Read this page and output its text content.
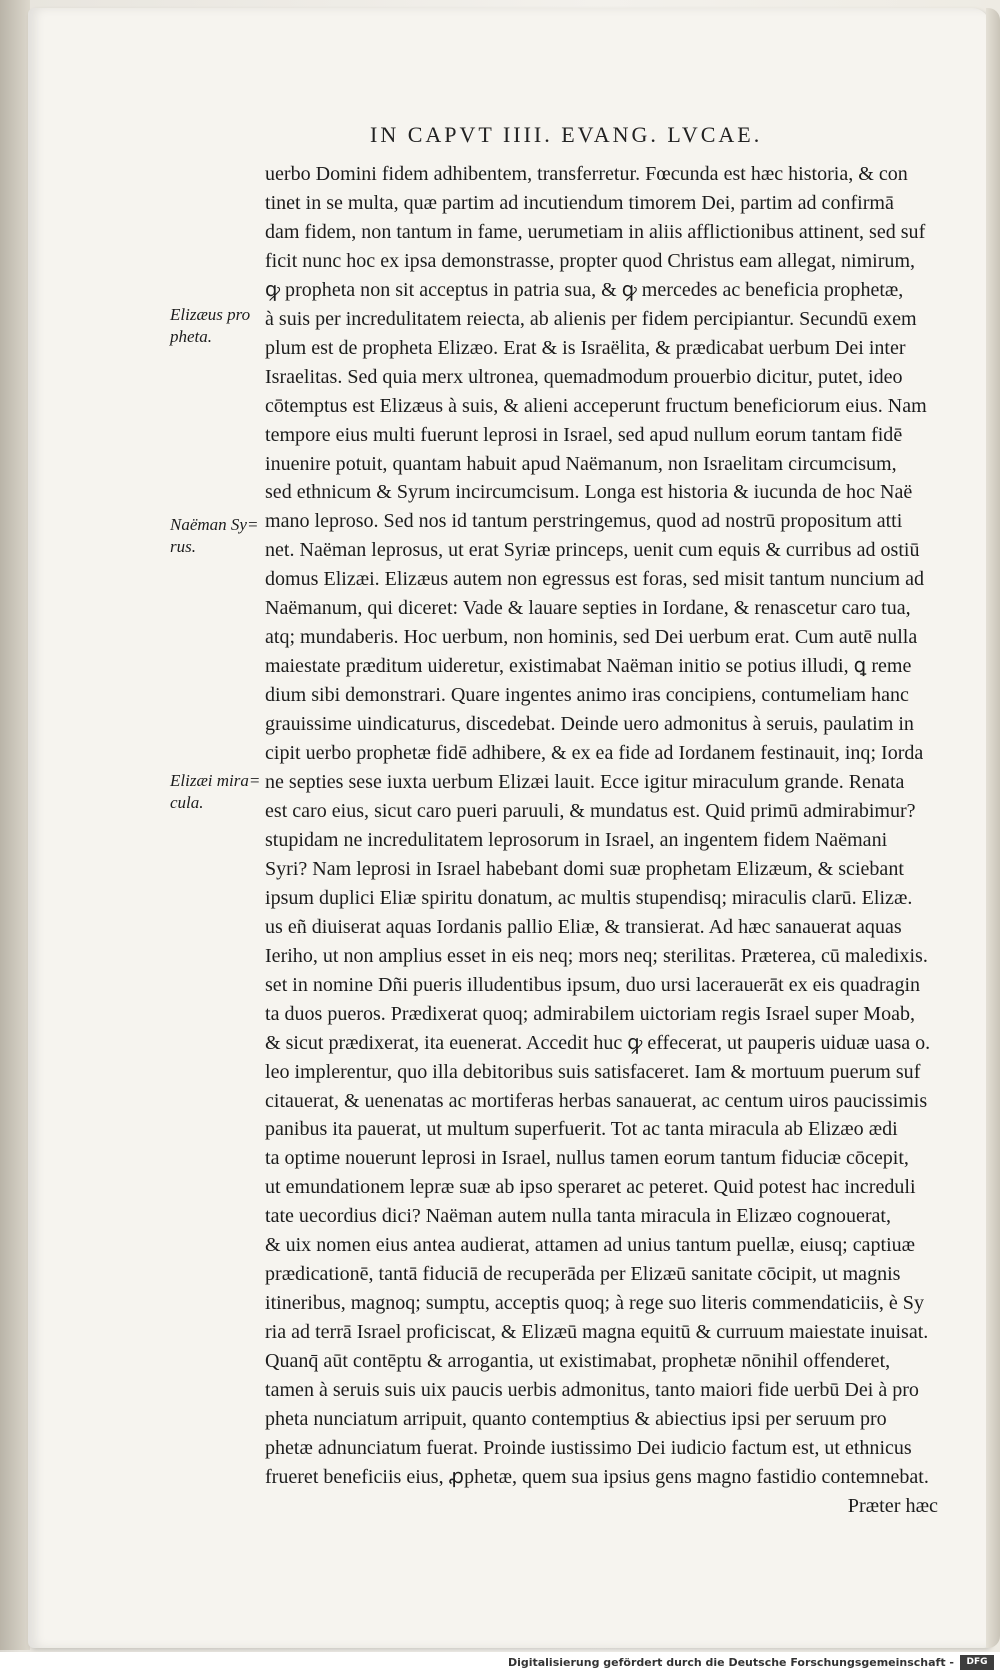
IN CAPVT IIII. EVANG. LVCAE.
Elizæus pro
pheta.
Naëman Sy=
rus.
Elizæi mira=
cula.
uerbo Domini fidem adhibentem, transferretur. Fœcunda est hæc historia, & con
tinet in se multa, quæ partim ad incutiendum timorem Dei, partim ad confirmā
dam fidem, non tantum in fame, uerumetiam in aliis afflictionibus attinent, sed suf
ficit nunc hoc ex ipsa demonstrasse, propter quod Christus eam allegat, nimirum,
ꝙ propheta non sit acceptus in patria sua, & ꝙ mercedes ac beneficia prophetæ,
à suis per incredulitatem reiecta, ab alienis per fidem percipiantur. Secundū exem
plum est de propheta Elizæo. Erat & is Israëlita, & prædicabat uerbum Dei inter
Israelitas. Sed quia merx ultronea, quemadmodum prouerbio dicitur, putet, ideo
cōtemptus est Elizæus à suis, & alieni acceperunt fructum beneficiorum eius. Nam
tempore eius multi fuerunt leprosi in Israel, sed apud nullum eorum tantam fidē
inuenire potuit, quantam habuit apud Naëmanum, non Israelitam circumcisum,
sed ethnicum & Syrum incircumcisum. Longa est historia & iucunda de hoc Naë
mano leproso. Sed nos id tantum perstringemus, quod ad nostrū propositum atti
net. Naëman leprosus, ut erat Syriæ princeps, uenit cum equis & curribus ad ostiū
domus Elizæi. Elizæus autem non egressus est foras, sed misit tantum nuncium ad
Naëmanum, qui diceret: Vade & lauare septies in Iordane, & renascetur caro tua,
atq; mundaberis. Hoc uerbum, non hominis, sed Dei uerbum erat. Cum autē nulla
maiestate præditum uideretur, existimabat Naëman initio se potius illudi, ꝗ reme
dium sibi demonstrari. Quare ingentes animo iras concipiens, contumeliam hanc
grauissime uindicaturus, discedebat. Deinde uero admonitus à seruis, paulatim in
cipit uerbo prophetæ fidē adhibere, & ex ea fide ad Iordanem festinauit, inq; Iorda
ne septies sese iuxta uerbum Elizæi lauit. Ecce igitur miraculum grande. Renata
est caro eius, sicut caro pueri paruuli, & mundatus est. Quid primū admirabimur?
stupidam ne incredulitatem leprosorum in Israel, an ingentem fidem Naëmani
Syri? Nam leprosi in Israel habebant domi suæ prophetam Elizæum, & sciebant
ipsum duplici Eliæ spiritu donatum, ac multis stupendisq; miraculis clarū. Elizæ.
us eñ diuiserat aquas Iordanis pallio Eliæ, & transierat. Ad hæc sanauerat aquas
Ieriho, ut non amplius esset in eis neq; mors neq; sterilitas. Præterea, cū maledixis.
set in nomine Dñi pueris illudentibus ipsum, duo ursi lacerauerāt ex eis quadragin
ta duos pueros. Prædixerat quoq; admirabilem uictoriam regis Israel super Moab,
& sicut prædixerat, ita euenerat. Accedit huc ꝙ effecerat, ut pauperis uiduæ uasa o.
leo implerentur, quo illa debitoribus suis satisfaceret. Iam & mortuum puerum suf
citauerat, & uenenatas ac mortiferas herbas sanauerat, ac centum uiros paucissimis
panibus ita pauerat, ut multum superfuerit. Tot ac tanta miracula ab Elizæo ædi
ta optime nouerunt leprosi in Israel, nullus tamen eorum tantum fiduciæ cōcepit,
ut emundationem lepræ suæ ab ipso speraret ac peteret. Quid potest hac increduli
tate uecordius dici? Naëman autem nulla tanta miracula in Elizæo cognouerat,
& uix nomen eius antea audierat, attamen ad unius tantum puellæ, eiusq; captiuæ
prædicationē, tantā fiduciā de recuperāda per Elizæū sanitate cōcipit, ut magnis
itineribus, magnoq; sumptu, acceptis quoq; à rege suo literis commendaticiis, è Sy
ria ad terrā Israel proficiscat, & Elizæū magna equitū & curruum maiestate inuisat.
Quanq̄ aūt contēptu & arrogantia, ut existimabat, prophetæ nōnihil offenderet,
tamen à seruis suis uix paucis uerbis admonitus, tanto maiori fide uerbū Dei à pro
pheta nunciatum arripuit, quanto contemptius & abiectius ipsi per seruum pro
phetæ adnunciatum fuerat. Proinde iustissimo Dei iudicio factum est, ut ethnicus
frueret beneficiis eius, ꝓphetæ, quem sua ipsius gens magno fastidio contemnebat.
Præter hæc
Digitalisierung gefördert durch die Deutsche Forschungsgemeinschaft -	DFG
